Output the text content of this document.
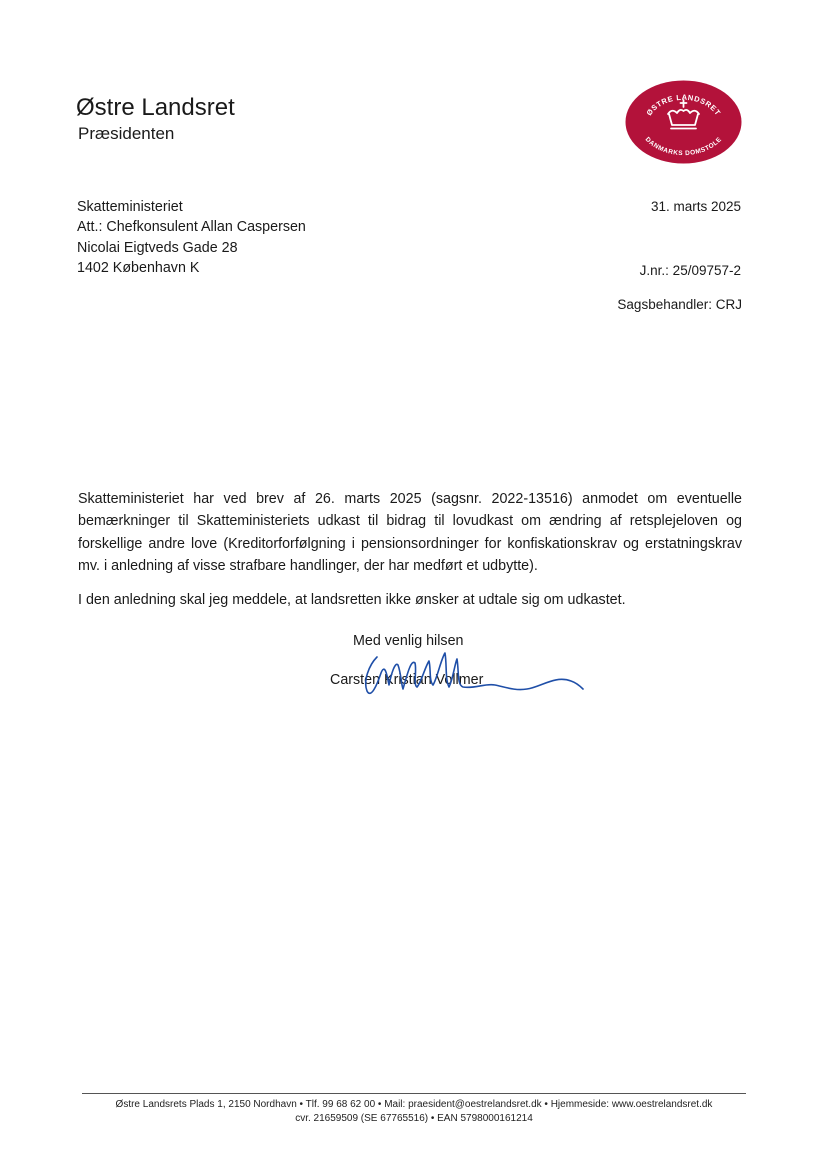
Østre Landsret
Præsidenten
ØSTRE LANDSRET
DANMARKS DOMSTOLE
Skatteministeriet
Att.: Chefkonsulent Allan Caspersen
Nicolai Eigtveds Gade 28
1402 København K
31. marts 2025
J.nr.: 25/09757-2
Sagsbehandler: CRJ

Skatteministeriet har ved brev af 26. marts 2025 (sagsnr. 2022-13516) anmodet om eventuelle bemærkninger til Skatteministeriets udkast til bidrag til lovudkast om ændring af retsplejeloven og forskellige andre love (Kreditorforfølgning i pensionsordninger for konfiskationskrav og erstatningskrav mv. i anledning af visse strafbare handlinger, der har medført et udbytte).

I den anledning skal jeg meddele, at landsretten ikke ønsker at udtale sig om udkastet.

Med venlig hilsen
Carsten Kristian Vollmer
Østre Landsrets Plads 1, 2150 Nordhavn • Tlf. 99 68 62 00 • Mail: praesident@oestrelandsret.dk • Hjemmeside: www.oestrelandsret.dk
cvr. 21659509 (SE 67765516) • EAN 5798000161214
